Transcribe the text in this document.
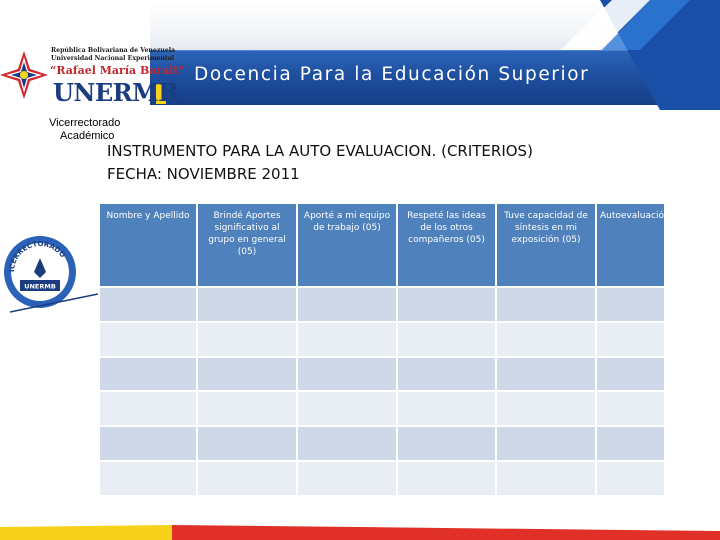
Docencia Para la Educación Superior
República Bolivariana de Venezuela
Universidad Nacional Experimental
“Rafael María Baralt”
UNERMB
Vicerrectorado
Académico
INSTRUMENTO PARA LA AUTO EVALUACION. (CRITERIOS)
FECHA: NOVIEMBRE 2011
ICERRECTORADO
UNERMB
Nombre y Apellido	Brindé Aportes significativo al grupo en general (05)	Aporté a mi equipo de trabajo (05)	Respeté las ideas de los otros compañeros (05)	Tuve capacidad de síntesis en mi exposición (05)	Autoevaluación
